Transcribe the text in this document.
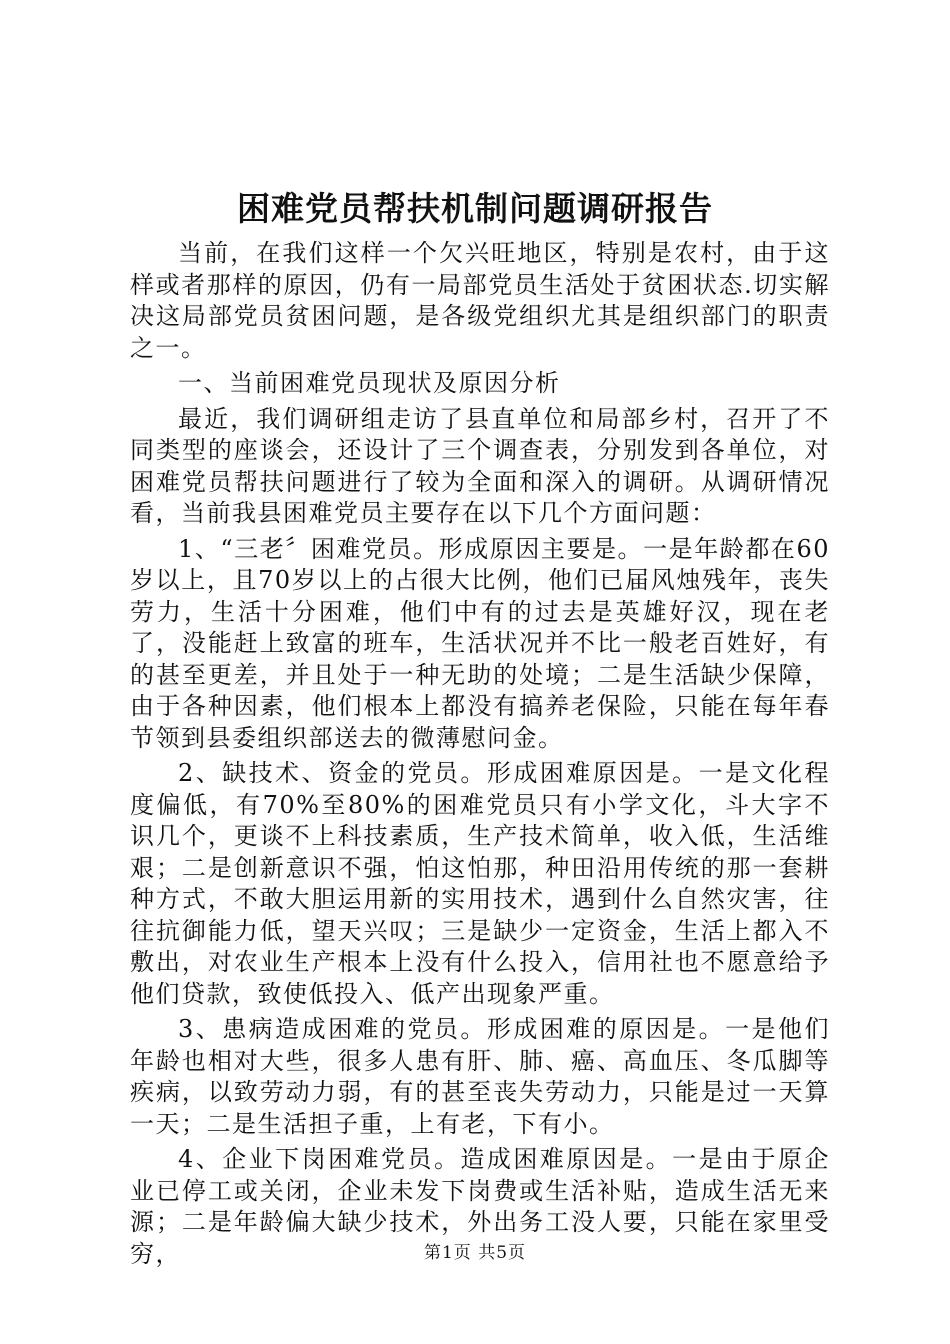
困难党员帮扶机制问题调研报告

当前，在我们这样一个欠兴旺地区，特别是农村，由于这样或者那样的原因，仍有一局部党员生活处于贫困状态.切实解决这局部党员贫困问题，是各级党组织尤其是组织部门的职责之一。

一、当前困难党员现状及原因分析

最近，我们调研组走访了县直单位和局部乡村，召开了不同类型的座谈会，还设计了三个调查表，分别发到各单位，对困难党员帮扶问题进行了较为全面和深入的调研。从调研情况看，当前我县困难党员主要存在以下几个方面问题：

1、“三老〞困难党员。形成原因主要是。一是年龄都在60岁以上，且70岁以上的占很大比例，他们已届风烛残年，丧失劳力，生活十分困难，他们中有的过去是英雄好汉，现在老了，没能赶上致富的班车，生活状况并不比一般老百姓好，有的甚至更差，并且处于一种无助的处境；二是生活缺少保障，由于各种因素，他们根本上都没有搞养老保险，只能在每年春节领到县委组织部送去的微薄慰问金。

2、缺技术、资金的党员。形成困难原因是。一是文化程度偏低，有70%至80%的困难党员只有小学文化，斗大字不识几个，更谈不上科技素质，生产技术简单，收入低，生活维艰；二是创新意识不强，怕这怕那，种田沿用传统的那一套耕种方式，不敢大胆运用新的实用技术，遇到什么自然灾害，往往抗御能力低，望天兴叹；三是缺少一定资金，生活上都入不敷出，对农业生产根本上没有什么投入，信用社也不愿意给予他们贷款，致使低投入、低产出现象严重。

3、患病造成困难的党员。形成困难的原因是。一是他们年龄也相对大些，很多人患有肝、肺、癌、高血压、冬瓜脚等疾病，以致劳动力弱，有的甚至丧失劳动力，只能是过一天算一天；二是生活担子重，上有老，下有小。

4、企业下岗困难党员。造成困难原因是。一是由于原企业已停工或关闭，企业未发下岗费或生活补贴，造成生活无来源；二是年龄偏大缺少技术，外出务工没人要，只能在家里受穷，	第1页 共5页
